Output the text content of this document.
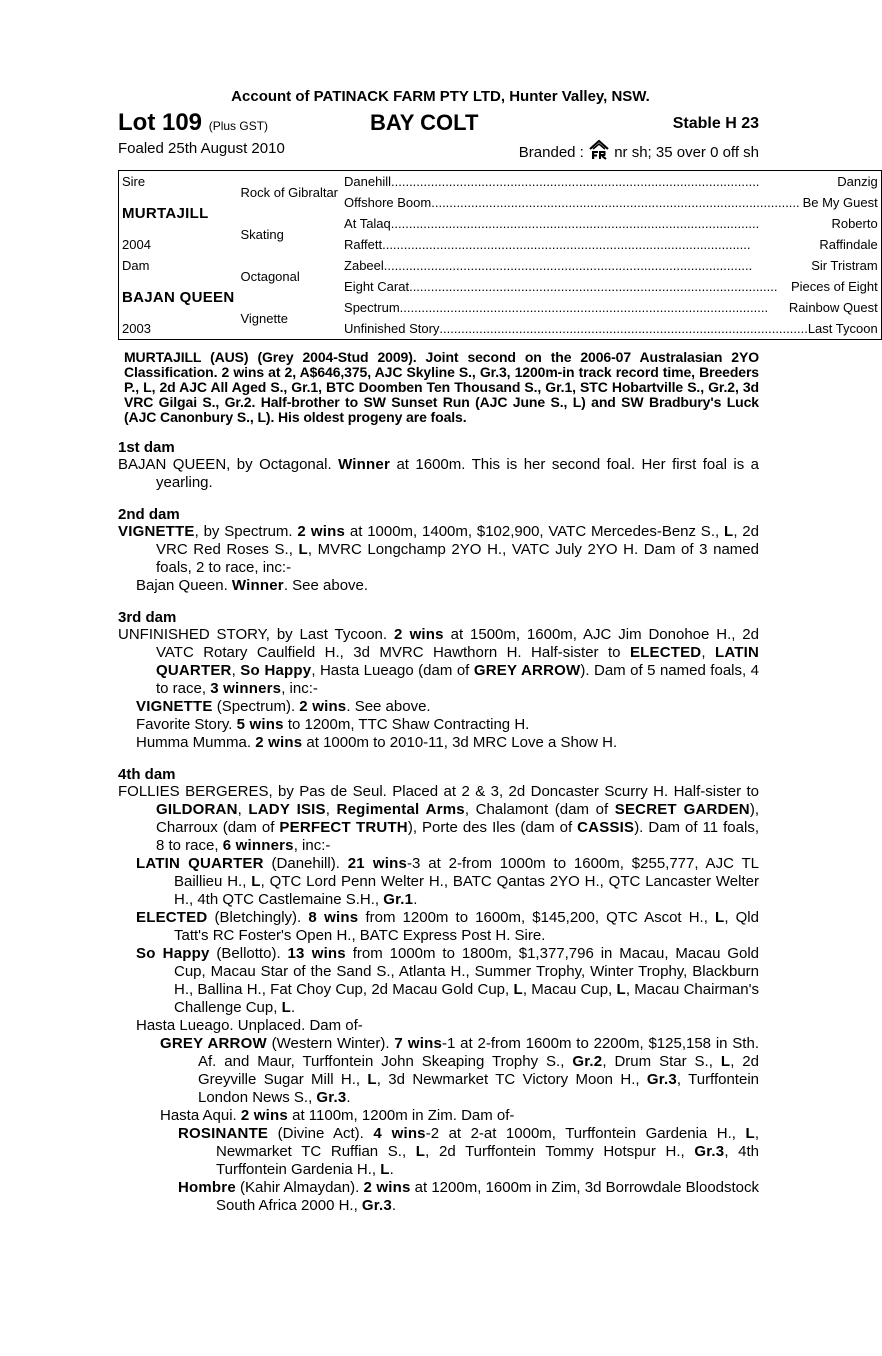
Account of PATINACK FARM PTY LTD, Hunter Valley, NSW.
Lot 109 (Plus GST)	BAY COLT	Stable H 23
Foaled 25th August 2010	Branded : nr sh; 35 over 0 off sh
Sire	Rock of Gibraltar	Danehill ..... Danzig

MURTAJILL		Offshore Boom ..... Be My Guest

	Skating	At Talaq ..... Roberto

2004		Raffett ..... Raffindale

Dam	Octagonal	Zabeel ..... Sir Tristram

BAJAN QUEEN		Eight Carat ..... Pieces of Eight

	Vignette	Spectrum ..... Rainbow Quest

2003		Unfinished Story ..... Last Tycoon
MURTAJILL (AUS) (Grey 2004-Stud 2009). Joint second on the 2006-07 Australasian 2YO Classification. 2 wins at 2, A$646,375, AJC Skyline S., Gr.3, 1200m-in track record time, Breeders P., L, 2d AJC All Aged S., Gr.1, BTC Doomben Ten Thousand S., Gr.1, STC Hobartville S., Gr.2, 3d VRC Gilgai S., Gr.2. Half-brother to SW Sunset Run (AJC June S., L) and SW Bradbury's Luck (AJC Canonbury S., L). His oldest progeny are foals.
1st dam
BAJAN QUEEN, by Octagonal. Winner at 1600m. This is her second foal. Her first foal is a yearling.
2nd dam
VIGNETTE, by Spectrum. 2 wins at 1000m, 1400m, $102,900, VATC Mercedes-Benz S., L, 2d VRC Red Roses S., L, MVRC Longchamp 2YO H., VATC July 2YO H. Dam of 3 named foals, 2 to race, inc:-
Bajan Queen. Winner. See above.
3rd dam
UNFINISHED STORY, by Last Tycoon. 2 wins at 1500m, 1600m, AJC Jim Donohoe H., 2d VATC Rotary Caulfield H., 3d MVRC Hawthorn H. Half-sister to ELECTED, LATIN QUARTER, So Happy, Hasta Lueago (dam of GREY ARROW). Dam of 5 named foals, 4 to race, 3 winners, inc:-
VIGNETTE (Spectrum). 2 wins. See above.
Favorite Story. 5 wins to 1200m, TTC Shaw Contracting H.
Humma Mumma. 2 wins at 1000m to 2010-11, 3d MRC Love a Show H.
4th dam
FOLLIES BERGERES, by Pas de Seul. Placed at 2 & 3, 2d Doncaster Scurry H. Half-sister to GILDORAN, LADY ISIS, Regimental Arms, Chalamont (dam of SECRET GARDEN), Charroux (dam of PERFECT TRUTH), Porte des Iles (dam of CASSIS). Dam of 11 foals, 8 to race, 6 winners, inc:-
LATIN QUARTER (Danehill). 21 wins-3 at 2-from 1000m to 1600m, $255,777, AJC TL Baillieu H., L, QTC Lord Penn Welter H., BATC Qantas 2YO H., QTC Lancaster Welter H., 4th QTC Castlemaine S.H., Gr.1.
ELECTED (Bletchingly). 8 wins from 1200m to 1600m, $145,200, QTC Ascot H., L, Qld Tatt's RC Foster's Open H., BATC Express Post H. Sire.
So Happy (Bellotto). 13 wins from 1000m to 1800m, $1,377,796 in Macau, Macau Gold Cup, Macau Star of the Sand S., Atlanta H., Summer Trophy, Winter Trophy, Blackburn H., Ballina H., Fat Choy Cup, 2d Macau Gold Cup, L, Macau Cup, L, Macau Chairman's Challenge Cup, L.
Hasta Lueago. Unplaced. Dam of-
GREY ARROW (Western Winter). 7 wins-1 at 2-from 1600m to 2200m, $125,158 in Sth. Af. and Maur, Turffontein John Skeaping Trophy S., Gr.2, Drum Star S., L, 2d Greyville Sugar Mill H., L, 3d Newmarket TC Victory Moon H., Gr.3, Turffontein London News S., Gr.3.
Hasta Aqui. 2 wins at 1100m, 1200m in Zim. Dam of-
ROSINANTE (Divine Act). 4 wins-2 at 2-at 1000m, Turffontein Gardenia H., L, Newmarket TC Ruffian S., L, 2d Turffontein Tommy Hotspur H., Gr.3, 4th Turffontein Gardenia H., L.
Hombre (Kahir Almaydan). 2 wins at 1200m, 1600m in Zim, 3d Borrowdale Bloodstock South Africa 2000 H., Gr.3.
